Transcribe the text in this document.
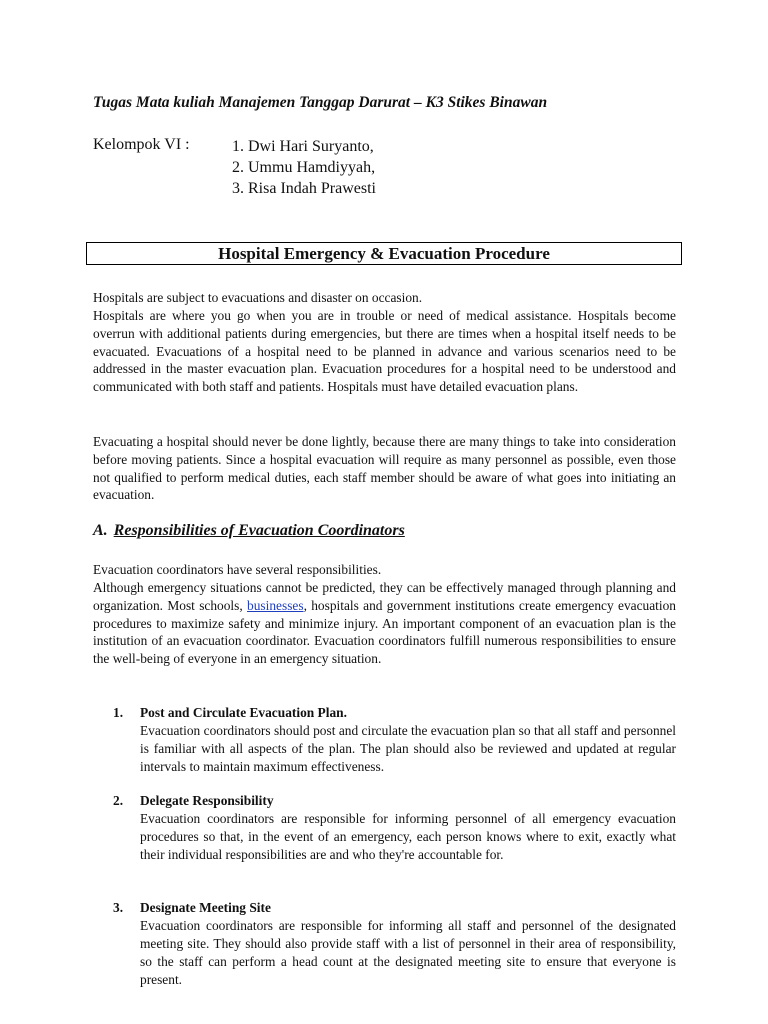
Tugas Mata kuliah Manajemen Tanggap Darurat – K3 Stikes Binawan
Kelompok VI :	1. Dwi Hari Suryanto,
2. Ummu Hamdiyyah,
3. Risa Indah Prawesti
Hospital Emergency & Evacuation Procedure

Hospitals are subject to evacuations and disaster on occasion.

Hospitals are where you go when you are in trouble or need of medical assistance. Hospitals become overrun with additional patients during emergencies, but there are times when a hospital itself needs to be evacuated. Evacuations of a hospital need to be planned in advance and various scenarios need to be addressed in the master evacuation plan. Evacuation procedures for a hospital need to be understood and communicated with both staff and patients. Hospitals must have detailed evacuation plans.

Evacuating a hospital should never be done lightly, because there are many things to take into consideration before moving patients. Since a hospital evacuation will require as many personnel as possible, even those not qualified to perform medical duties, each staff member should be aware of what goes into initiating an evacuation.

A. Responsibilities of Evacuation Coordinators

Evacuation coordinators have several responsibilities.

Although emergency situations cannot be predicted, they can be effectively managed through planning and organization. Most schools, businesses, hospitals and government institutions create emergency evacuation procedures to maximize safety and minimize injury. An important component of an evacuation plan is the institution of an evacuation coordinator. Evacuation coordinators fulfill numerous responsibilities to ensure the well-being of everyone in an emergency situation.

1. Post and Circulate Evacuation Plan.
Evacuation coordinators should post and circulate the evacuation plan so that all staff and personnel is familiar with all aspects of the plan. The plan should also be reviewed and updated at regular intervals to maintain maximum effectiveness.
2. Delegate Responsibility
Evacuation coordinators are responsible for informing personnel of all emergency evacuation procedures so that, in the event of an emergency, each person knows where to exit, exactly what their individual responsibilities are and who they're accountable for.
3. Designate Meeting Site
Evacuation coordinators are responsible for informing all staff and personnel of the designated meeting site. They should also provide staff with a list of personnel in their area of responsibility, so the staff can perform a head count at the designated meeting site to ensure that everyone is present.
